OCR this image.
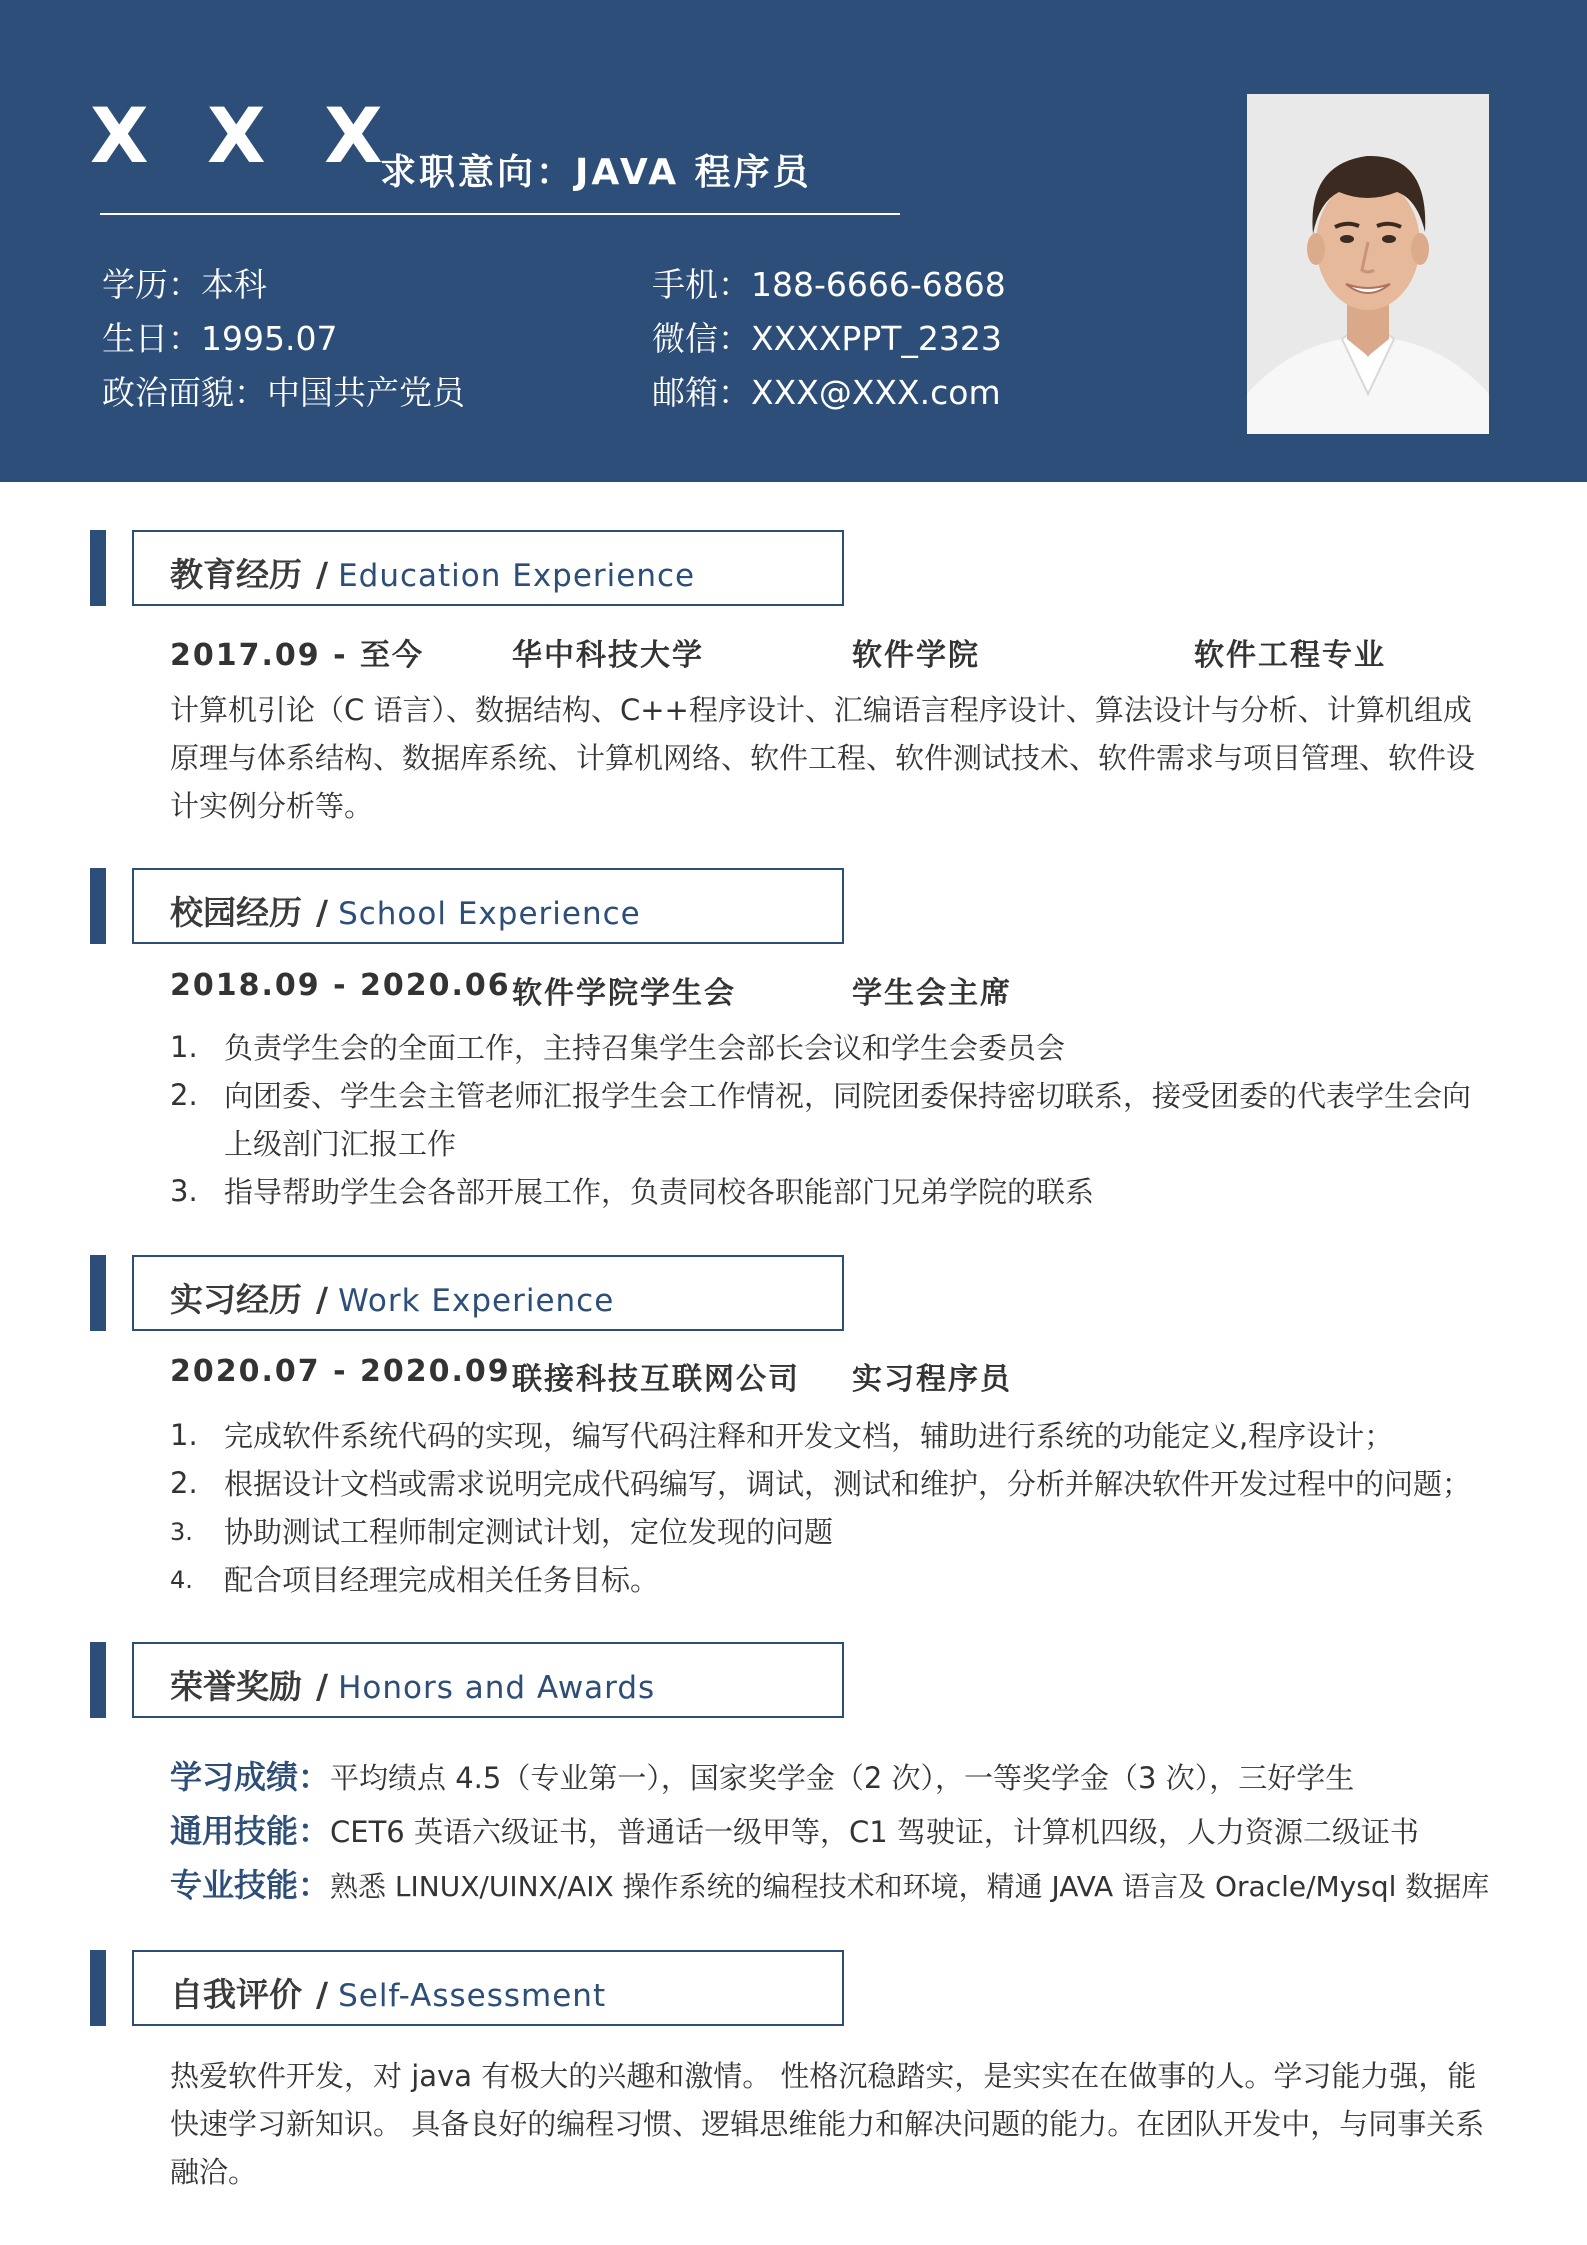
X X X
求职意向：JAVA 程序员
学历：本科
生日：1995.07
政治面貌：中国共产党员
手机：188-6666-6868
微信：XXXXPPT_2323
邮箱：XXX@XXX.com
教育经历 / Education Experience
2017.09 - 至今	华中科技大学	软件学院	软件工程专业
计算机引论（C 语言）、数据结构、C++程序设计、汇编语言程序设计、算法设计与分析、计算机组成原理与体系结构、数据库系统、计算机网络、软件工程、软件测试技术、软件需求与项目管理、软件设计实例分析等。
校园经历 / School Experience
2018.09 - 2020.06 软件学院学生会	学生会主席
1. 负责学生会的全面工作，主持召集学生会部长会议和学生会委员会
2. 向团委、学生会主管老师汇报学生会工作情祝，同院团委保持密切联系，接受团委的代表学生会向上级剖门汇报工作
3. 指导帮助学生会各部开展工作，负责同校各职能部门兄弟学院的联系
实习经历 / Work Experience
2020.07 - 2020.09 联接科技互联网公司 实习程序员
1. 完成软件系统代码的实现，编写代码注释和开发文档，辅助进行系统的功能定义,程序设计；
2. 根据设计文档或需求说明完成代码编写，调试，测试和维护，分析并解决软件开发过程中的问题；
3. 协助测试工程师制定测试计划，定位发现的问题
4. 配合项目经理完成相关任务目标。
荣誉奖励 / Honors and Awards
学习成绩：平均绩点 4.5（专业第一），国家奖学金（2 次），一等奖学金（3 次），三好学生
通用技能：CET6 英语六级证书，普通话一级甲等，C1 驾驶证，计算机四级，人力资源二级证书
专业技能：熟悉 LINUX/UINX/AIX 操作系统的编程技术和环境，精通 JAVA 语言及 Oracle/Mysql 数据库
自我评价 / Self-Assessment
热爱软件开发，对 java 有极大的兴趣和激情。 性格沉稳踏实，是实实在在做事的人。学习能力强，能快速学习新知识。 具备良好的编程习惯、逻辑思维能力和解决问题的能力。在团队开发中，与同事关系融洽。
